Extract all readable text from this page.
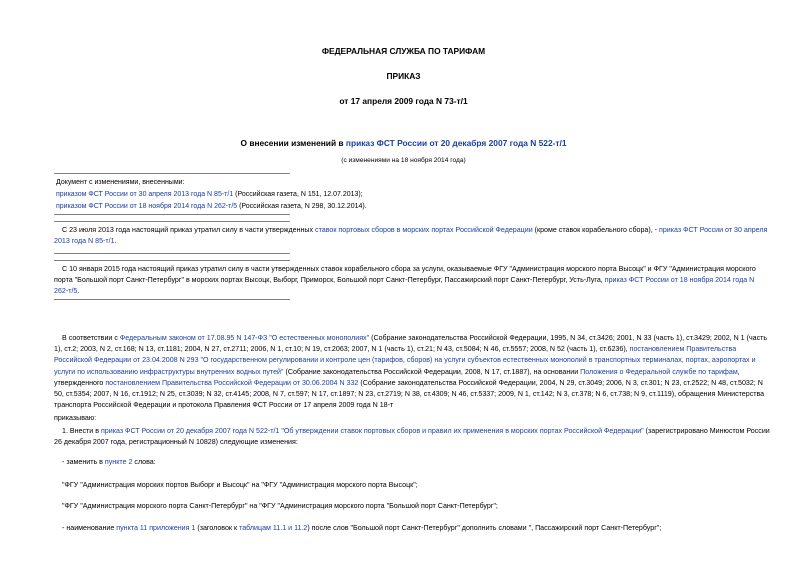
ФЕДЕРАЛЬНАЯ СЛУЖБА ПО ТАРИФАМ
ПРИКАЗ
от 17 апреля 2009 года N 73-т/1
О внесении изменений в приказ ФСТ России от 20 декабря 2007 года N 522-т/1
(с изменениями на 18 ноября 2014 года)
Документ с изменениями, внесенными:
приказом ФСТ России от 30 апреля 2013 года N 85-т/1 (Российская газета, N 151, 12.07.2013);
приказом ФСТ России от 18 ноября 2014 года N 262-т/5 (Российская газета, N 298, 30.12.2014).
С 23 июля 2013 года настоящий приказ утратил силу в части утвержденных ставок портовых сборов в морских портах Российской Федерации (кроме ставок корабельного сбора), - приказ ФСТ России от 30 апреля 2013 года N 85-т/1.
С 10 января 2015 года настоящий приказ утратил силу в части утвержденных ставок корабельного сбора за услуги, оказываемые ФГУ "Администрация морского порта Высоцк" и ФГУ "Администрация морского порта "Большой порт Санкт-Петербург" в морских портах Высоцк, Выборг, Приморск, Большой порт Санкт-Петербург, Пассажирский порт Санкт-Петербург, Усть-Луга, приказ ФСТ России от 18 ноября 2014 года N 262-т/5.
В соответствии с Федеральным законом от 17.08.95 N 147-ФЗ "О естественных монополиях" (Собрание законодательства Российской Федерации, 1995, N 34, ст.3426; 2001, N 33 (часть 1), ст.3429; 2002, N 1 (часть 1), ст.2; 2003, N 2, ст.168; N 13, ст.1181; 2004, N 27, ст.2711; 2006, N 1, ст.10; N 19, ст.2063; 2007, N 1 (часть 1), ст.21; N 43, ст.5084; N 46, ст.5557; 2008, N 52 (часть 1), ст.6236), постановлением Правительства Российской Федерации от 23.04.2008 N 293 "О государственном регулировании и контроле цен (тарифов, сборов) на услуги субъектов естественных монополий в транспортных терминалах, портах, аэропортах и услуги по использованию инфраструктуры внутренних водных путей" (Собрание законодательства Российской Федерации, 2008, N 17, ст.1887), на основании Положения о Федеральной службе по тарифам, утвержденного постановлением Правительства Российской Федерации от 30.06.2004 N 332 (Собрание законодательства Российской Федерации, 2004, N 29, ст.3049; 2006, N 3, ст.301; N 23, ст.2522; N 48, ст.5032; N 50, ст.5354; 2007, N 16, ст.1912; N 25, ст.3039; N 32, ст.4145; 2008, N 7, ст.597; N 17, ст.1897; N 23, ст.2719; N 38, ст.4309; N 46, ст.5337; 2009, N 1, ст.142; N 3, ст.378; N 6, ст.738; N 9, ст.1119), обращения Министерства транспорта Российской Федерации и протокола Правления ФСТ России от 17 апреля 2009 года N 18-т
приказываю:
1. Внести в приказ ФСТ России от 20 декабря 2007 года N 522-т/1 "Об утверждении ставок портовых сборов и правил их применения в морских портах Российской Федерации" (зарегистрировано Минюстом России 26 декабря 2007 года, регистрационный N 10828) следующие изменения:
- заменить в пункте 2 слова:
"ФГУ "Администрация морских портов Выборг и Высоцк" на "ФГУ "Администрация морского порта Высоцк";
"ФГУ "Администрация морского порта Санкт-Петербург" на "ФГУ "Администрация морского порта "Большой порт Санкт-Петербург";
- наименование пункта 11 приложения 1 (заголовок к таблицам 11.1 и 11.2) после слов "Большой порт Санкт-Петербург" дополнить словами ", Пассажирский порт Санкт-Петербург";
